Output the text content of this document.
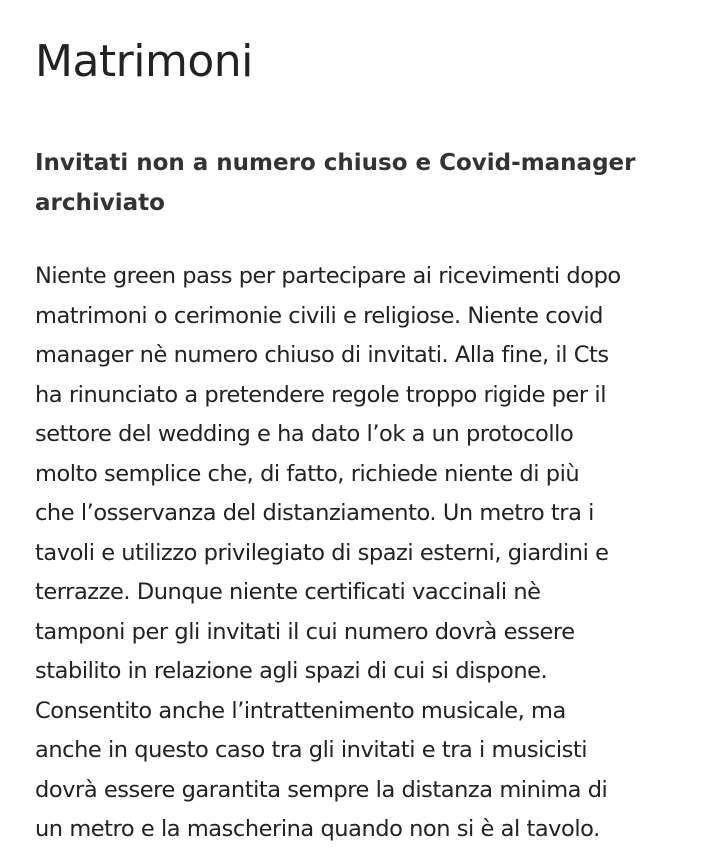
Matrimoni
Invitati non a numero chiuso e Covid-manager
archiviato

Niente green pass per partecipare ai ricevimenti dopo
matrimoni o cerimonie civili e religiose. Niente covid
manager nè numero chiuso di invitati. Alla fine, il Cts
ha rinunciato a pretendere regole troppo rigide per il
settore del wedding e ha dato l’ok a un protocollo
molto semplice che, di fatto, richiede niente di più
che l’osservanza del distanziamento. Un metro tra i
tavoli e utilizzo privilegiato di spazi esterni, giardini e
terrazze. Dunque niente certificati vaccinali nè
tamponi per gli invitati il cui numero dovrà essere
stabilito in relazione agli spazi di cui si dispone.
Consentito anche l’intrattenimento musicale, ma
anche in questo caso tra gli invitati e tra i musicisti
dovrà essere garantita sempre la distanza minima di
un metro e la mascherina quando non si è al tavolo.
